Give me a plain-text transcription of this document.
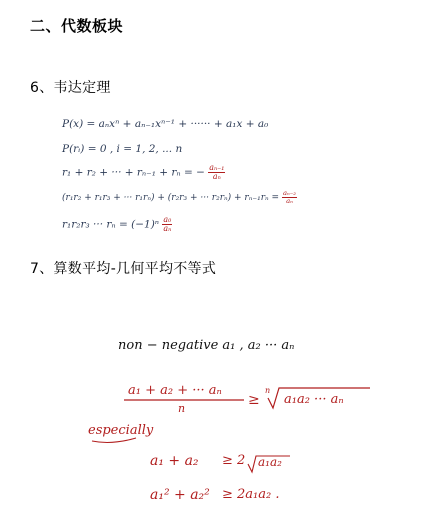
二、代数板块
6、韦达定理
P(x) = aₙxⁿ + aₙ₋₁xⁿ⁻¹ + ······ + a₁x + a₀
P(rᵢ) = 0 , i = 1, 2, ... n
r₁ + r₂ + ··· + rₙ₋₁ + rₙ = − $\frac{\text{aₙ₋₁}}{\text{aₙ}}$
(r₁r₂ + r₁r₃ + ··· r₁rₙ) + (r₂r₃ + ··· $r_2r_n) + r_{n-1}r_n = \frac{\text{aₙ₋₂}}{\text{aₙ}}$
r₁r₂r₃ ··· $r_n = (-1)^n \frac{\text{a₀}}{\text{aₙ}}$
7、算数平均-几何平均不等式
non − negative a₁ , a₂ ··· aₙ
a₁ + a₂ + ··· aₙ
n
≥
n
a₁a₂ ··· aₙ
especially
a₁ + a₂ ≥ 2 a₁a₂
a₁² + a₂² ≥ 2a₁a₂ .
